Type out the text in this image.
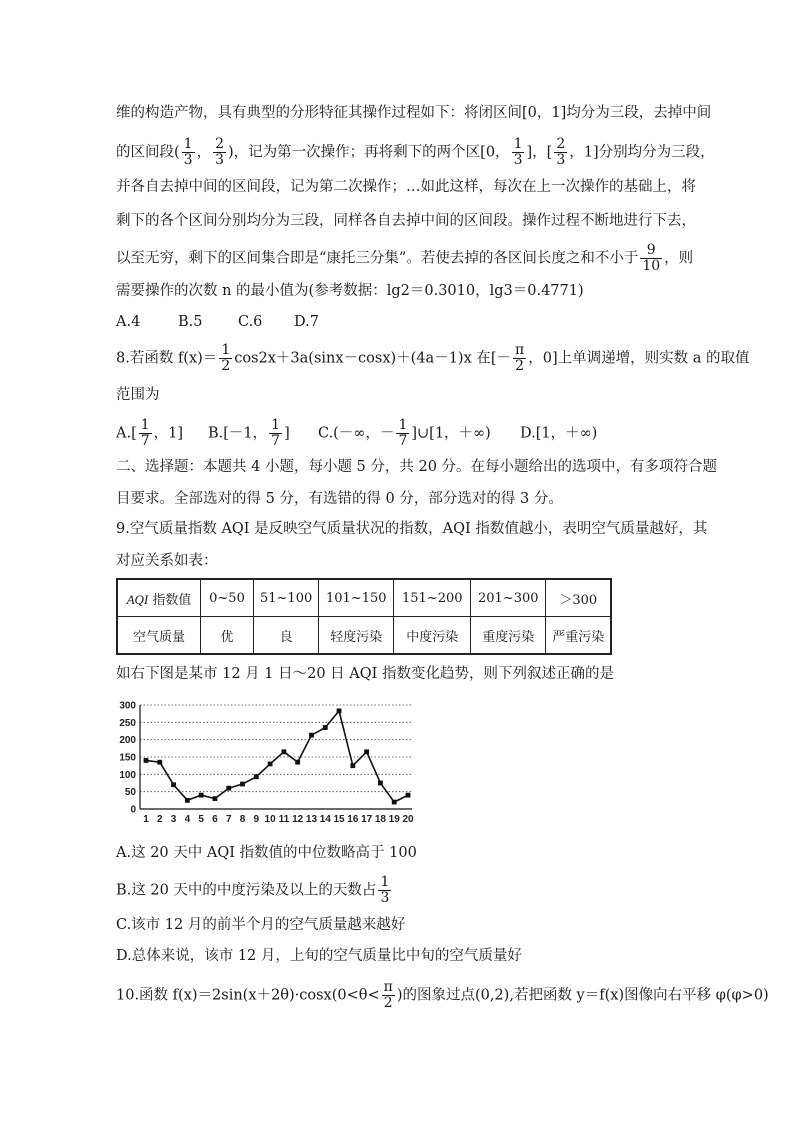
维的构造产物，具有典型的分形特征其操作过程如下：将闭区间[0，1]均分为三段，去掉中间
的区间段( $\frac{1}{3}$ ， $\frac{2}{3}$ )，记为第一次操作；再将剩下的两个区[0， $\frac{1}{3}$ ]，[ $\frac{2}{3}$ ，1]分别均分为三段，
并各自去掉中间的区间段，记为第二次操作；…如此这样，每次在上一次操作的基础上，将
剩下的各个区间分别均分为三段，同样各自去掉中间的区间段。操作过程不断地进行下去，
以至无穷，剩下的区间集合即是“康托三分集”。若使去掉的各区间长度之和不小于 $\frac{9}{10}$ ，则
需要操作的次数 n 的最小值为(参考数据：lg2＝0.3010，lg3＝0.4771)
A.4	B.5 C.6 D.7
8.若函数 $f(x)= \frac{1}{2} \cos 2x+3a(\sin x-\cos x)+(4a-1)x$ 在[－ $\frac{\pi}{2}$ ，0]上单调递增，则实数 a 的取值
范围为
$A.[ \frac{1}{7}$ ，1] B.[－1， $\frac{1}{7}$ ] C.(－∞，－ $\frac{1}{7}$ ]∪[1，＋∞) D.[1，＋∞)
二、选择题：本题共 4 小题，每小题 5 分，共 20 分。在每小题给出的选项中，有多项符合题
目要求。全部选对的得 5 分，有选错的得 0 分，部分选对的得 3 分。
9.空气质量指数 AQI 是反映空气质量状况的指数，AQI 指数值越小，表明空气质量越好，其
对应关系如表：
AQI 指数值	0~50	51~100	101~150	151~200	201~300	＞300
空气质量	优	良	轻度污染	中度污染	重度污染	严重污染
如右下图是某市 12 月 1 日～20 日 AQI 指数变化趋势，则下列叙述正确的是
0
50
100
150
200
250
300
1 2 3 4 5 6 7 8 9 10 11 12 13 14 15 16 17 18 19 20
A.这 20 天中 AQI 指数值的中位数略高于 100
B.这 20 天中的中度污染及以上的天数占 $\frac{1}{3}$
C.该市 12 月的前半个月的空气质量越来越好
D.总体来说，该市 12 月，上旬的空气质量比中旬的空气质量好
10.函数 $f(x)=2\sin(x+2\theta)\cdot\cos x(0<\theta< \frac{\pi}{2}$ )的图象过点(0,2),若把函数 y＝f(x)图像向右平移 φ(φ>0)
